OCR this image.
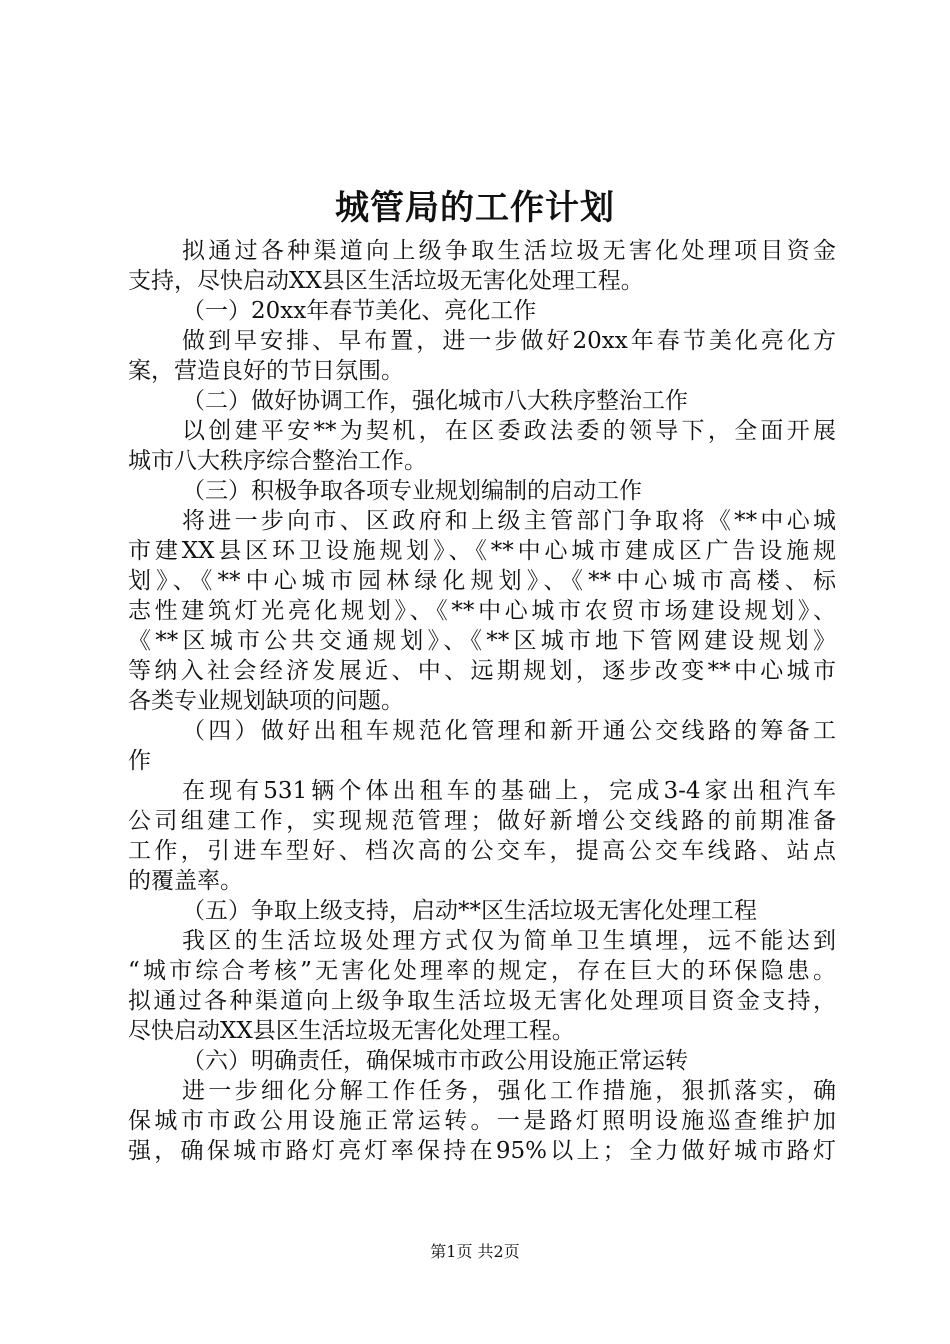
城管局的工作计划
拟通过各种渠道向上级争取生活垃圾无害化处理项目资金
支持，尽快启动XX县区生活垃圾无害化处理工程。
（一）20xx年春节美化、亮化工作
做到早安排、早布置，进一步做好20xx年春节美化亮化方
案，营造良好的节日氛围。
（二）做好协调工作，强化城市八大秩序整治工作
以创建平安**为契机，在区委政法委的领导下，全面开展
城市八大秩序综合整治工作。
（三）积极争取各项专业规划编制的启动工作
将进一步向市、区政府和上级主管部门争取将《**中心城
市建XX县区环卫设施规划》、《**中心城市建成区广告设施规
划》、《**中心城市园林绿化规划》、《**中心城市高楼、标
志性建筑灯光亮化规划》、《**中心城市农贸市场建设规划》、
《**区城市公共交通规划》、《**区城市地下管网建设规划》
等纳入社会经济发展近、中、远期规划，逐步改变**中心城市
各类专业规划缺项的问题。
（四）做好出租车规范化管理和新开通公交线路的筹备工
作
在现有531辆个体出租车的基础上，完成3-4家出租汽车
公司组建工作，实现规范管理；做好新增公交线路的前期准备
工作，引进车型好、档次高的公交车，提高公交车线路、站点
的覆盖率。
（五）争取上级支持，启动**区生活垃圾无害化处理工程
我区的生活垃圾处理方式仅为简单卫生填埋，远不能达到
“城市综合考核”无害化处理率的规定，存在巨大的环保隐患。
拟通过各种渠道向上级争取生活垃圾无害化处理项目资金支持，
尽快启动XX县区生活垃圾无害化处理工程。
（六）明确责任，确保城市市政公用设施正常运转
进一步细化分解工作任务，强化工作措施，狠抓落实，确
保城市市政公用设施正常运转。一是路灯照明设施巡查维护加
强，确保城市路灯亮灯率保持在95%以上；全力做好城市路灯
第1页 共2页
